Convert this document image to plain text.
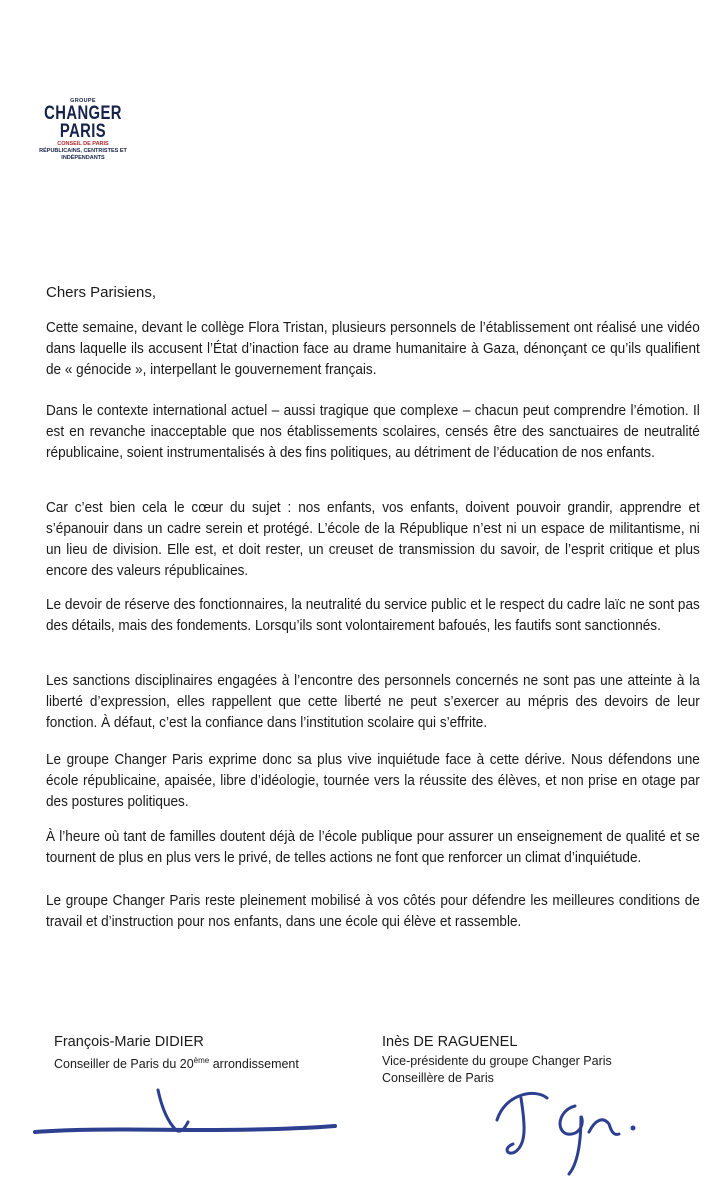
GROUPE
CHANGER
PARIS
CONSEIL DE PARIS
RÉPUBLICAINS, CENTRISTES ET INDÉPENDANTS
Chers Parisiens,
Cette semaine, devant le collège Flora Tristan, plusieurs personnels de l’établissement ont réalisé une vidéo dans laquelle ils accusent l’État d’inaction face au drame humanitaire à Gaza, dénonçant ce qu’ils qualifient de « génocide », interpellant le gouvernement français.
Dans le contexte international actuel – aussi tragique que complexe – chacun peut comprendre l’émotion. Il est en revanche inacceptable que nos établissements scolaires, censés être des sanctuaires de neutralité républicaine, soient instrumentalisés à des fins politiques, au détriment de l’éducation de nos enfants.
Car c’est bien cela le cœur du sujet : nos enfants, vos enfants, doivent pouvoir grandir, apprendre et s’épanouir dans un cadre serein et protégé. L’école de la République n’est ni un espace de militantisme, ni un lieu de division. Elle est, et doit rester, un creuset de transmission du savoir, de l’esprit critique et plus encore des valeurs républicaines.
Le devoir de réserve des fonctionnaires, la neutralité du service public et le respect du cadre laïc ne sont pas des détails, mais des fondements. Lorsqu’ils sont volontairement bafoués, les fautifs sont sanctionnés.
Les sanctions disciplinaires engagées à l’encontre des personnels concernés ne sont pas une atteinte à la liberté d’expression, elles rappellent que cette liberté ne peut s’exercer au mépris des devoirs de leur fonction. À défaut, c’est la confiance dans l’institution scolaire qui s’effrite.
Le groupe Changer Paris exprime donc sa plus vive inquiétude face à cette dérive. Nous défendons une école républicaine, apaisée, libre d’idéologie, tournée vers la réussite des élèves, et non prise en otage par des postures politiques.
À l’heure où tant de familles doutent déjà de l’école publique pour assurer un enseignement de qualité et se tournent de plus en plus vers le privé, de telles actions ne font que renforcer un climat d’inquiétude.
Le groupe Changer Paris reste pleinement mobilisé à vos côtés pour défendre les meilleures conditions de travail et d’instruction pour nos enfants, dans une école qui élève et rassemble.
François-Marie DIDIER
Conseiller de Paris du 20ème arrondissement
Inès DE RAGUENEL
Vice-présidente du groupe Changer Paris
Conseillère de Paris
